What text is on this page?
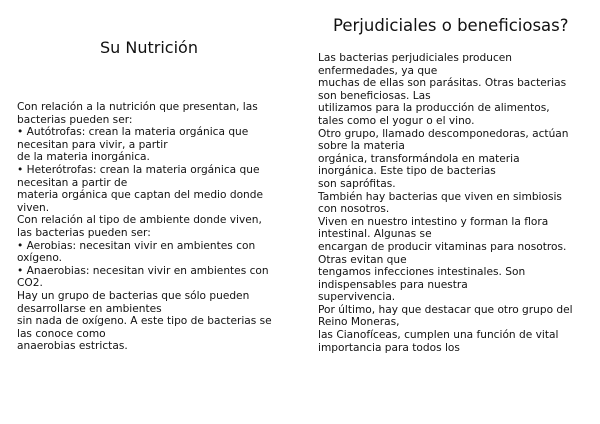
Su Nutrición
Con relación a la nutrición que presentan, las
bacterias pueden ser:
• Autótrofas: crean la materia orgánica que
necesitan para vivir, a partir
de la materia inorgánica.
• Heterótrofas: crean la materia orgánica que
necesitan a partir de
materia orgánica que captan del medio donde
viven.
Con relación al tipo de ambiente donde viven,
las bacterias pueden ser:
• Aerobias: necesitan vivir en ambientes con
oxígeno.
• Anaerobias: necesitan vivir en ambientes con
CO2.
Hay un grupo de bacterias que sólo pueden
desarrollarse en ambientes
sin nada de oxígeno. A este tipo de bacterias se
las conoce como
anaerobias estrictas.
Perjudiciales o beneficiosas?
Las bacterias perjudiciales producen
enfermedades, ya que
muchas de ellas son parásitas. Otras bacterias
son beneficiosas. Las
utilizamos para la producción de alimentos,
tales como el yogur o el vino.
Otro grupo, llamado descomponedoras, actúan
sobre la materia
orgánica, transformándola en materia
inorgánica. Este tipo de bacterias
son saprófitas.
También hay bacterias que viven en simbiosis
con nosotros.
Viven en nuestro intestino y forman la flora
intestinal. Algunas se
encargan de producir vitaminas para nosotros.
Otras evitan que
tengamos infecciones intestinales. Son
indispensables para nuestra
supervivencia.
Por último, hay que destacar que otro grupo del
Reino Moneras,
las Cianofíceas, cumplen una función de vital
importancia para todos los
